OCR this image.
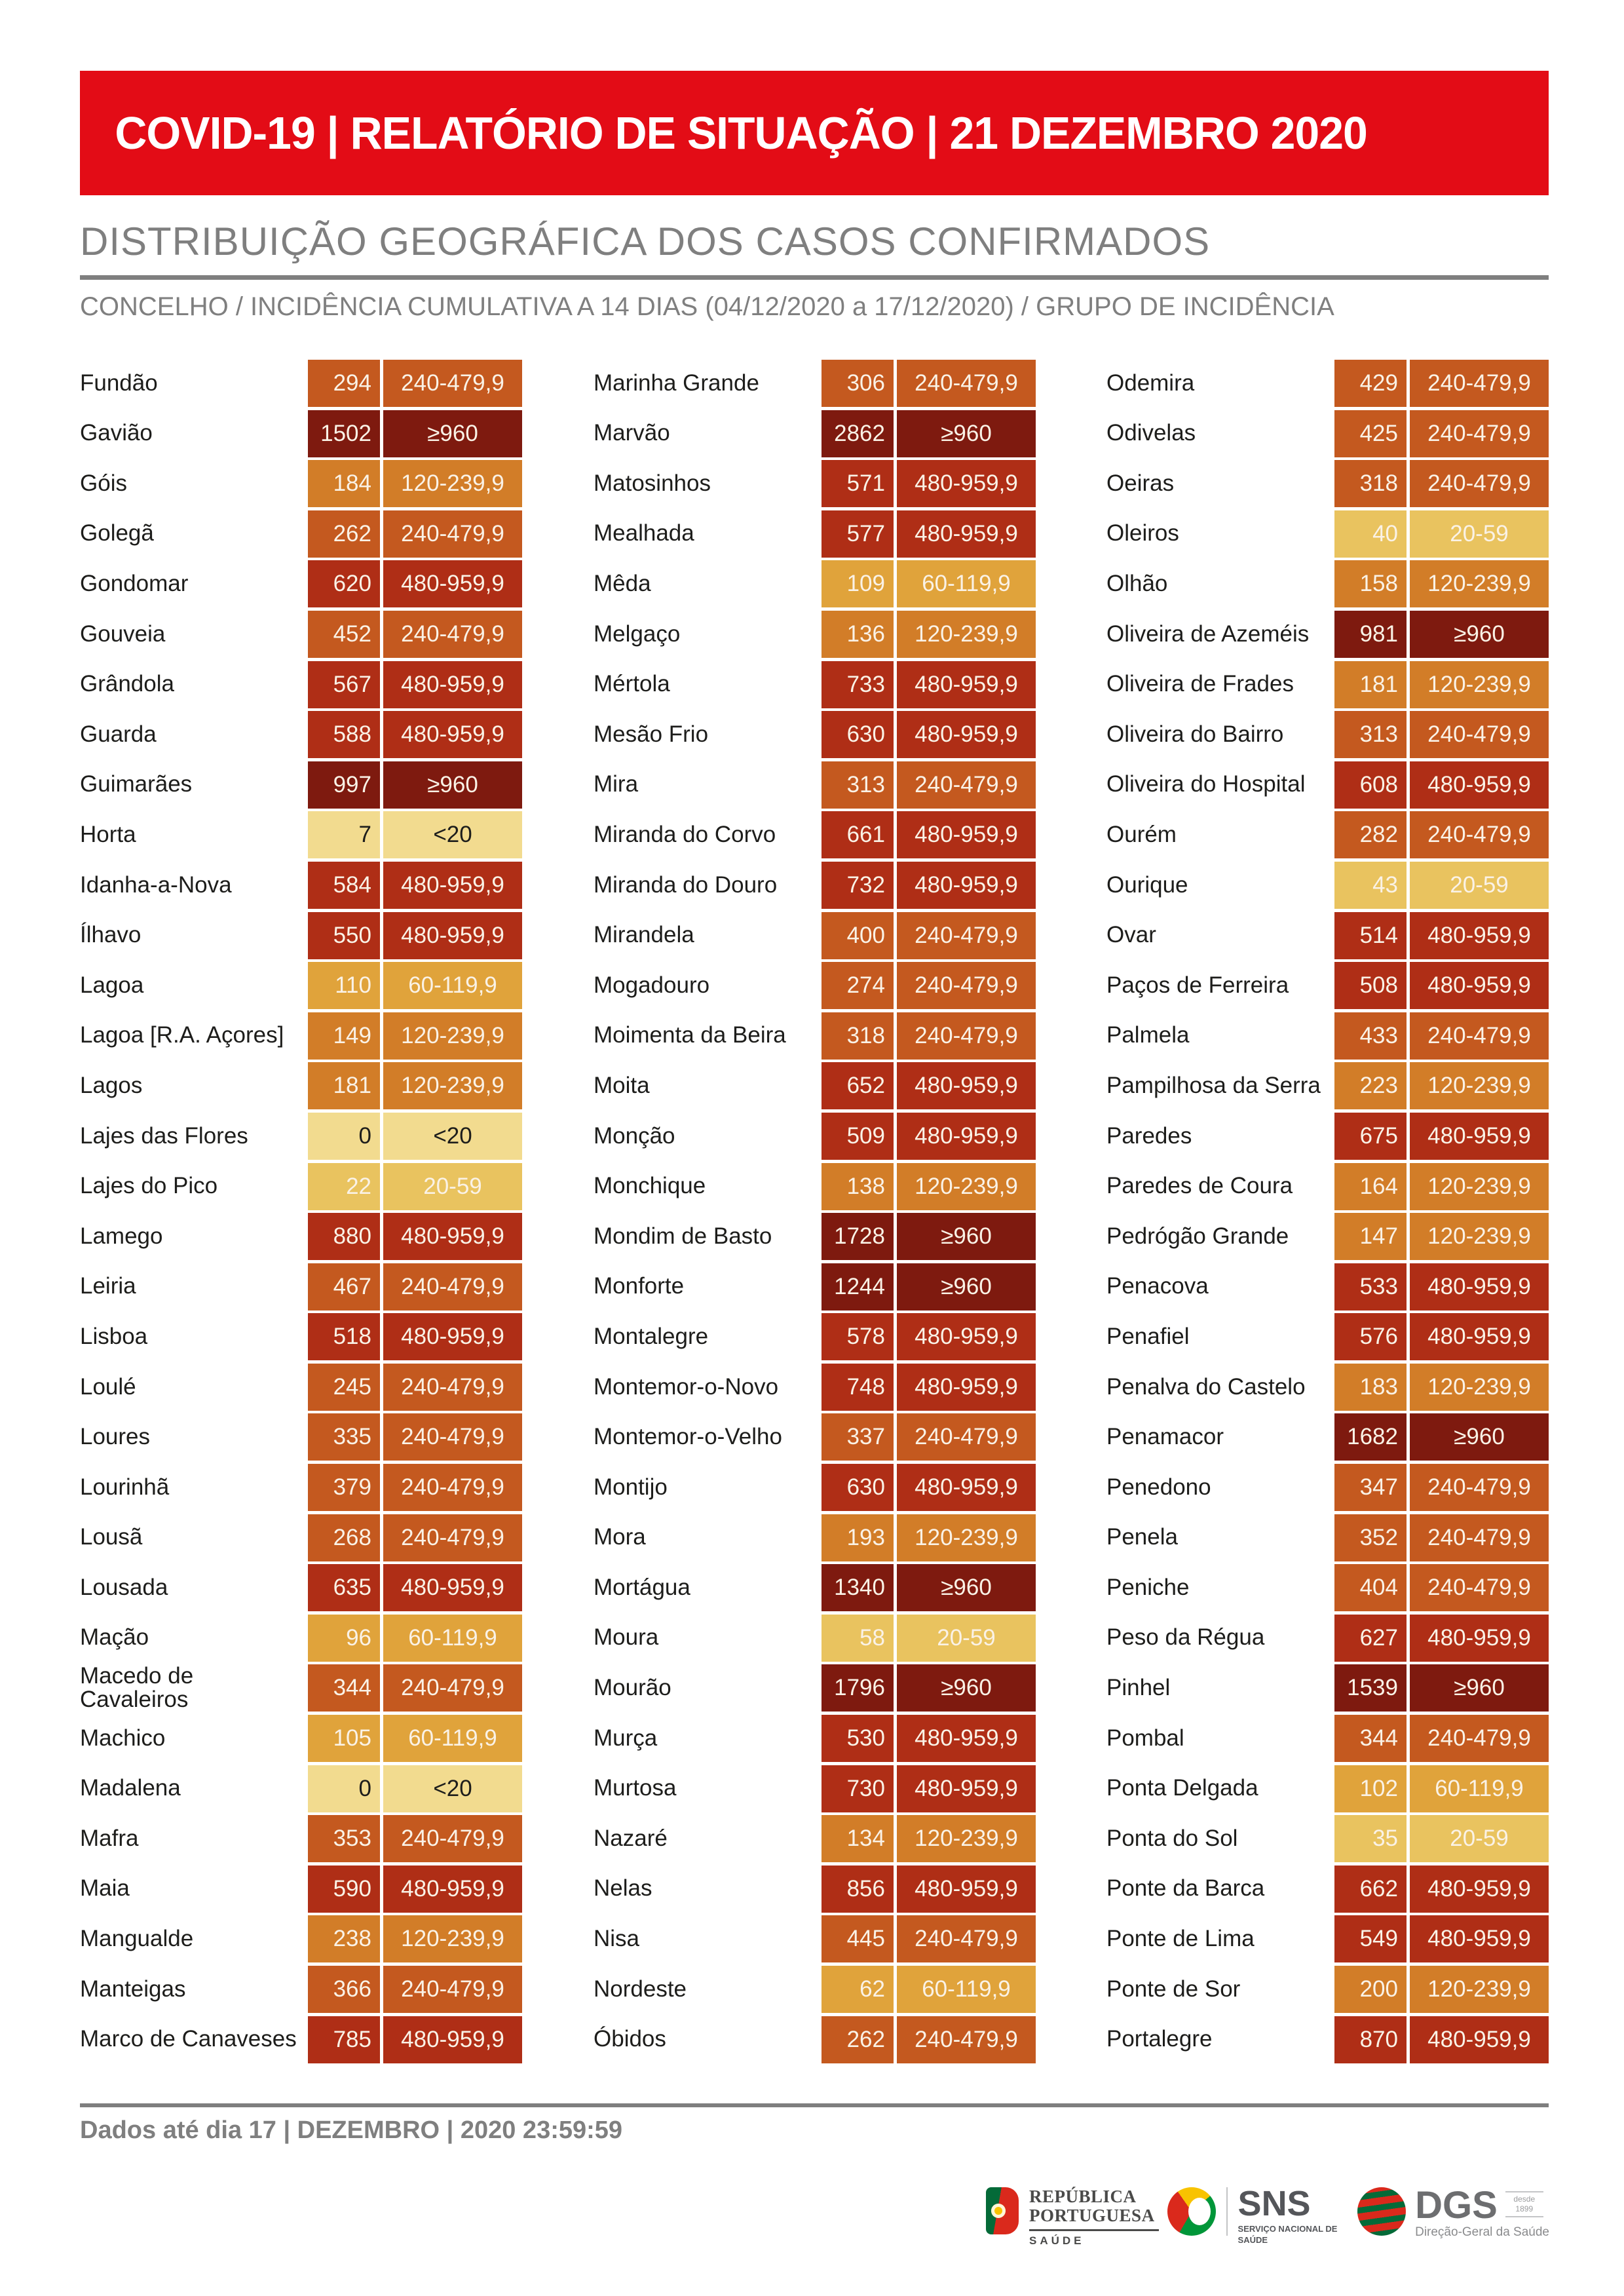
COVID-19 | RELATÓRIO DE SITUAÇÃO | 21 DEZEMBRO 2020
DISTRIBUIÇÃO GEOGRÁFICA DOS CASOS CONFIRMADOS
CONCELHO / INCIDÊNCIA CUMULATIVA A 14 DIAS (04/12/2020 a 17/12/2020) / GRUPO DE INCIDÊNCIA
Fundão	294	240-479,9
Gavião	1502	≥960
Góis	184	120-239,9
Golegã	262	240-479,9
Gondomar	620	480-959,9
Gouveia	452	240-479,9
Grândola	567	480-959,9
Guarda	588	480-959,9
Guimarães	997	≥960
Horta	7	<20
Idanha-a-Nova	584	480-959,9
Ílhavo	550	480-959,9
Lagoa	110	60-119,9
Lagoa [R.A. Açores]	149	120-239,9
Lagos	181	120-239,9
Lajes das Flores	0	<20
Lajes do Pico	22	20-59
Lamego	880	480-959,9
Leiria	467	240-479,9
Lisboa	518	480-959,9
Loulé	245	240-479,9
Loures	335	240-479,9
Lourinhã	379	240-479,9
Lousã	268	240-479,9
Lousada	635	480-959,9
Mação	96	60-119,9
Macedo de Cavaleiros	344	240-479,9
Machico	105	60-119,9
Madalena	0	<20
Mafra	353	240-479,9
Maia	590	480-959,9
Mangualde	238	120-239,9
Manteigas	366	240-479,9
Marco de Canaveses	785	480-959,9
Marinha Grande	306	240-479,9
Marvão	2862	≥960
Matosinhos	571	480-959,9
Mealhada	577	480-959,9
Mêda	109	60-119,9
Melgaço	136	120-239,9
Mértola	733	480-959,9
Mesão Frio	630	480-959,9
Mira	313	240-479,9
Miranda do Corvo	661	480-959,9
Miranda do Douro	732	480-959,9
Mirandela	400	240-479,9
Mogadouro	274	240-479,9
Moimenta da Beira	318	240-479,9
Moita	652	480-959,9
Monção	509	480-959,9
Monchique	138	120-239,9
Mondim de Basto	1728	≥960
Monforte	1244	≥960
Montalegre	578	480-959,9
Montemor-o-Novo	748	480-959,9
Montemor-o-Velho	337	240-479,9
Montijo	630	480-959,9
Mora	193	120-239,9
Mortágua	1340	≥960
Moura	58	20-59
Mourão	1796	≥960
Murça	530	480-959,9
Murtosa	730	480-959,9
Nazaré	134	120-239,9
Nelas	856	480-959,9
Nisa	445	240-479,9
Nordeste	62	60-119,9
Óbidos	262	240-479,9
Odemira	429	240-479,9
Odivelas	425	240-479,9
Oeiras	318	240-479,9
Oleiros	40	20-59
Olhão	158	120-239,9
Oliveira de Azeméis	981	≥960
Oliveira de Frades	181	120-239,9
Oliveira do Bairro	313	240-479,9
Oliveira do Hospital	608	480-959,9
Ourém	282	240-479,9
Ourique	43	20-59
Ovar	514	480-959,9
Paços de Ferreira	508	480-959,9
Palmela	433	240-479,9
Pampilhosa da Serra	223	120-239,9
Paredes	675	480-959,9
Paredes de Coura	164	120-239,9
Pedrógão Grande	147	120-239,9
Penacova	533	480-959,9
Penafiel	576	480-959,9
Penalva do Castelo	183	120-239,9
Penamacor	1682	≥960
Penedono	347	240-479,9
Penela	352	240-479,9
Peniche	404	240-479,9
Peso da Régua	627	480-959,9
Pinhel	1539	≥960
Pombal	344	240-479,9
Ponta Delgada	102	60-119,9
Ponta do Sol	35	20-59
Ponte da Barca	662	480-959,9
Ponte de Lima	549	480-959,9
Ponte de Sor	200	120-239,9
Portalegre	870	480-959,9
Dados até dia 17 | DEZEMBRO | 2020 23:59:59
REPÚBLICA
PORTUGUESA
SAÚDE
SNS
SERVIÇO NACIONAL DE SAÚDE
DGS	desde 1899
Direção-Geral da Saúde
